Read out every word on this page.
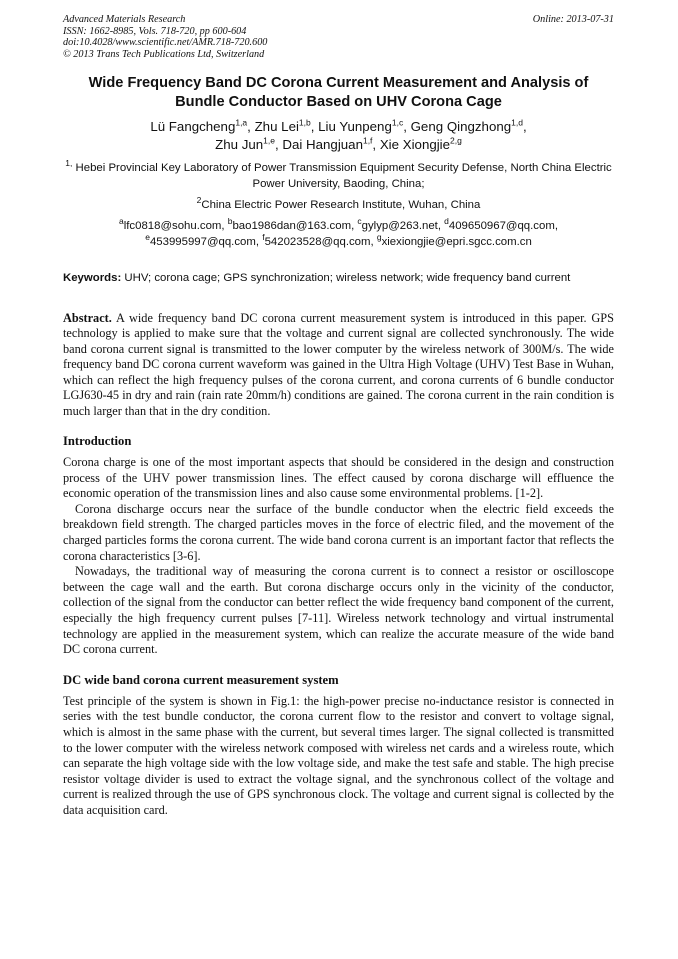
Advanced Materials Research
ISSN: 1662-8985, Vols. 718-720, pp 600-604
doi:10.4028/www.scientific.net/AMR.718-720.600
© 2013 Trans Tech Publications Ltd, Switzerland
Online: 2013-07-31
Wide Frequency Band DC Corona Current Measurement and Analysis of Bundle Conductor Based on UHV Corona Cage
Lü Fangcheng$^{1,a}$, Zhu Lei$^{1,b}$, Liu Yunpeng$^{1,c}$, Geng Qingzhong$^{1,d}$,
Zhu Jun$^{1,e}$, Dai Hangjuan$^{1,f}$, Xie Xiongjie$^{2,g}$
$^{1,}$ Hebei Provincial Key Laboratory of Power Transmission Equipment Security Defense, North China Electric Power University, Baoding, China;
$^2$China Electric Power Research Institute, Wuhan, China
$^a$lfc0818@sohu.com, $^b$bao1986dan@163.com, $^c$gylyp@263.net, $^d$409650967@qq.com,
$^e$453995997@qq.com, $^f$542023528@qq.com, $^g$xiexiongjie@epri.sgcc.com.cn
Keywords: UHV; corona cage; GPS synchronization; wireless network; wide frequency band current
Abstract. A wide frequency band DC corona current measurement system is introduced in this paper. GPS technology is applied to make sure that the voltage and current signal are collected synchronously. The wide band corona current signal is transmitted to the lower computer by the wireless network of 300M/s. The wide frequency band DC corona current waveform was gained in the Ultra High Voltage (UHV) Test Base in Wuhan, which can reflect the high frequency pulses of the corona current, and corona currents of 6 bundle conductor LGJ630-45 in dry and rain (rain rate 20mm/h) conditions are gained. The corona current in the rain condition is much larger than that in the dry condition.
Introduction

Corona charge is one of the most important aspects that should be considered in the design and construction process of the UHV power transmission lines. The effect caused by corona discharge will effluence the economic operation of the transmission lines and also cause some environmental problems. [1-2].

Corona discharge occurs near the surface of the bundle conductor when the electric field exceeds the breakdown field strength. The charged particles moves in the force of electric filed, and the movement of the charged particles forms the corona current. The wide band corona current is an important factor that reflects the corona characteristics [3-6].

Nowadays, the traditional way of measuring the corona current is to connect a resistor or oscilloscope between the cage wall and the earth. But corona discharge occurs only in the vicinity of the conductor, collection of the signal from the conductor can better reflect the wide frequency band component of the current, especially the high frequency current pulses [7-11]. Wireless network technology and virtual instrumental technology are applied in the measurement system, which can realize the accurate measure of the wide band DC corona current.

DC wide band corona current measurement system

Test principle of the system is shown in Fig.1: the high-power precise no-inductance resistor is connected in series with the test bundle conductor, the corona current flow to the resistor and convert to voltage signal, which is almost in the same phase with the current, but several times larger. The signal collected is transmitted to the lower computer with the wireless network composed with wireless net cards and a wireless route, which can separate the high voltage side with the low voltage side, and make the test safe and stable. The high precise resistor voltage divider is used to extract the voltage signal, and the synchronous collect of the voltage and current is realized through the use of GPS synchronous clock. The voltage and current signal is collected by the data acquisition card.
